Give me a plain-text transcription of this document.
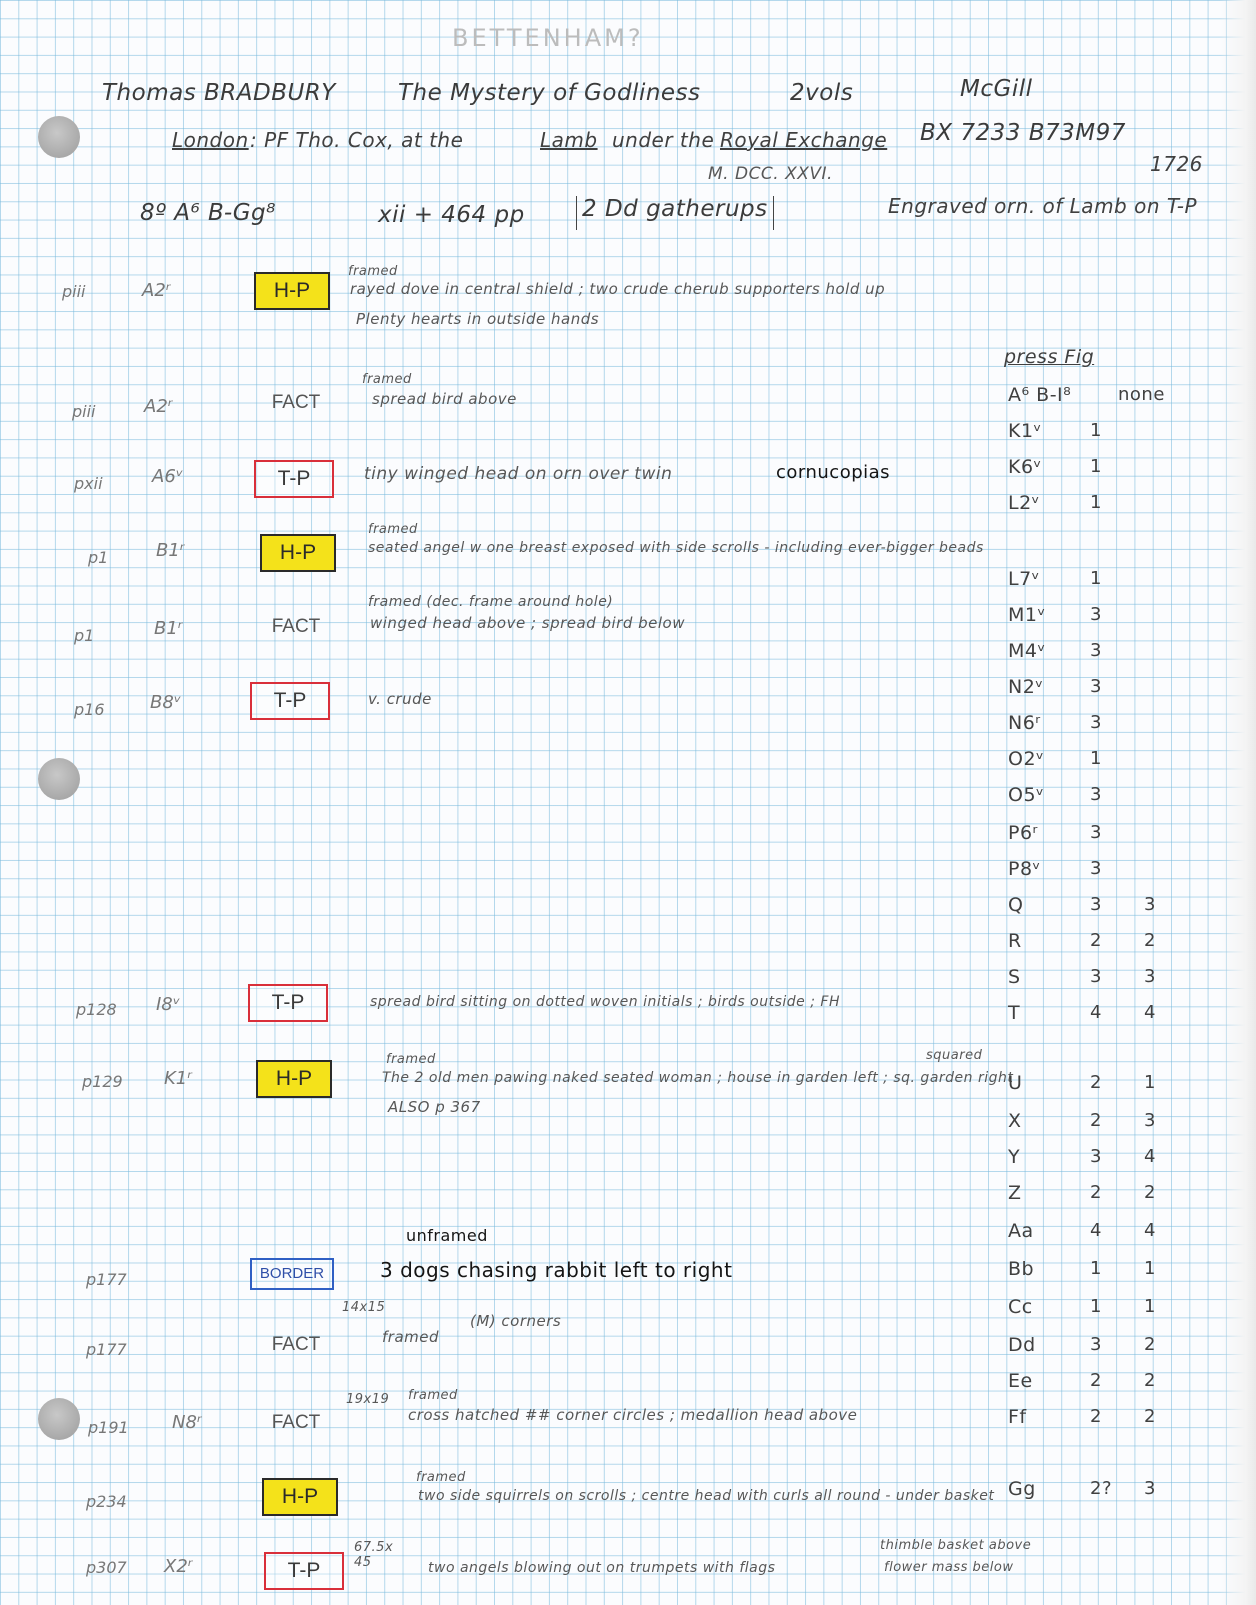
BETTENHAM?
Thomas BRADBURY	The Mystery of Godliness	2vols	McGill
London : PF Tho. Cox, at the	Lamb under the Royal Exchange BX 7233 B73M97
M. DCC. XXVI.	1726
8º A⁶ B-Gg⁸	xii + 464 pp 2 Dd gatherups	Engraved orn. of Lamb on T-P
piii	A2ʳ	H-P
framed
rayed dove in central shield ; two crude cherub supporters hold up
Plenty hearts in outside hands
piii	A2ʳ	FACT
framed
spread bird above
pxii	A6ᵛ	T-P	tiny winged head on orn over twin	cornucopias
p1	B1ʳ	H-P
framed
seated angel w one breast exposed with side scrolls - including ever-bigger beads
p1	B1ʳ	FACT
framed (dec. frame around hole)
winged head above ; spread bird below
p16	B8ᵛ	T-P	v. crude
p128 I8ᵛ	T-P	spread bird sitting on dotted woven initials ; birds outside ; FH
p129 K1ʳ	H-P
framed	squared
The 2 old men pawing naked seated woman ; house in garden left ; sq. garden right
ALSO p 367
p177	BORDER
unframed
3 dogs chasing rabbit left to right
p177	FACT
14x15
framed
(M) corners
p191 N8ʳ	FACT
19x19 framed
cross hatched ## corner circles ; medallion head above
p234	H-P
framed
two side squirrels on scrolls ; centre head with curls all round - under basket
p307 X2ʳ	T-P
67.5x 45	two angels blowing out on trumpets with flags
thimble basket above
flower mass below
press Fig
A⁶ B-I⁸	none
K1ᵛ	1
K6ᵛ	1
L2ᵛ	1
L7ᵛ	1
M1ᵛ 3
M4ᵛ 3
N2ᵛ	3
N6ʳ	3
O2ᵛ	1
O5ᵛ	3
P6ʳ	3
P8ᵛ	3
Q	3 3
R	2 2
S	3 3
T	4 4
U	2 1
X	2 3
Y	3 4
Z	2 2
Aa	4 4
Bb	1 1
Cc	1 1
Dd	3 2
Ee	2 2
Ff	2 2
Gg	2? 3
